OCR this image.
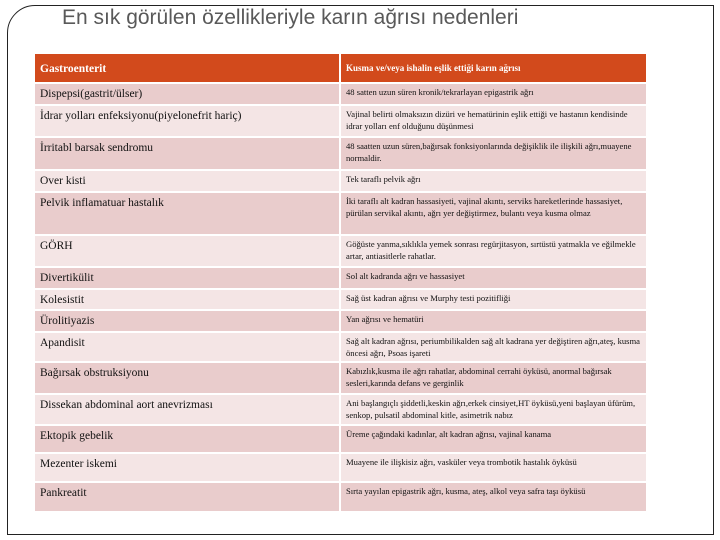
En sık görülen özellikleriyle karın ağrısı nedenleri
Gastroenterit	Kusma ve/veya ishalin eşlik ettiği karın ağrısı
Dispepsi(gastrit/ülser)	48 satten uzun süren kronik/tekrarlayan epigastrik ağrı
İdrar yolları enfeksiyonu(piyelonefrit hariç)	Vajinal belirti olmaksızın dizüri ve hematürinin eşlik ettiği ve hastanın kendisinde idrar yolları enf olduğunu düşünmesi
İrritabl barsak sendromu	48 saatten uzun süren,bağırsak fonksiyonlarında değişiklik ile ilişkili ağrı,muayene normaldir.
Over kisti	Tek taraflı pelvik ağrı
Pelvik inflamatuar hastalık	İki taraflı alt kadran hassasiyeti, vajinal akıntı, serviks hareketlerinde hassasiyet, pürülan servikal akıntı, ağrı yer değiştirmez, bulantı veya kusma olmaz
GÖRH	Göğüste yanma,sıklıkla yemek sonrası regürjitasyon, sırtüstü yatmakla ve eğilmekle artar, antiasitlerle rahatlar.
Divertikülit	Sol alt kadranda ağrı ve hassasiyet
Kolesistit	Sağ üst kadran ağrısı ve Murphy testi pozitifliği
Ürolitiyazis	Yan ağrısı ve hematüri
Apandisit	Sağ alt kadran ağrısı, periumbilikalden sağ alt kadrana yer değiştiren ağrı,ateş, kusma öncesi ağrı, Psoas işareti
Bağırsak obstruksiyonu	Kabızlık,kusma ile ağrı rahatlar, abdominal cerrahi öyküsü, anormal bağırsak sesleri,karında defans ve gerginlik
Dissekan abdominal aort anevrizması	Ani başlangıçlı şiddetli,keskin ağrı,erkek cinsiyet,HT öyküsü,yeni başlayan üfürüm, senkop, pulsatil abdominal kitle, asimetrik nabız
Ektopik gebelik	Üreme çağındaki kadınlar, alt kadran ağrısı, vajinal kanama
Mezenter iskemi	Muayene ile ilişkisiz ağrı, vasküler veya trombotik hastalık öyküsü
Pankreatit	Sırta yayılan epigastrik ağrı, kusma, ateş, alkol veya safra taşı öyküsü
